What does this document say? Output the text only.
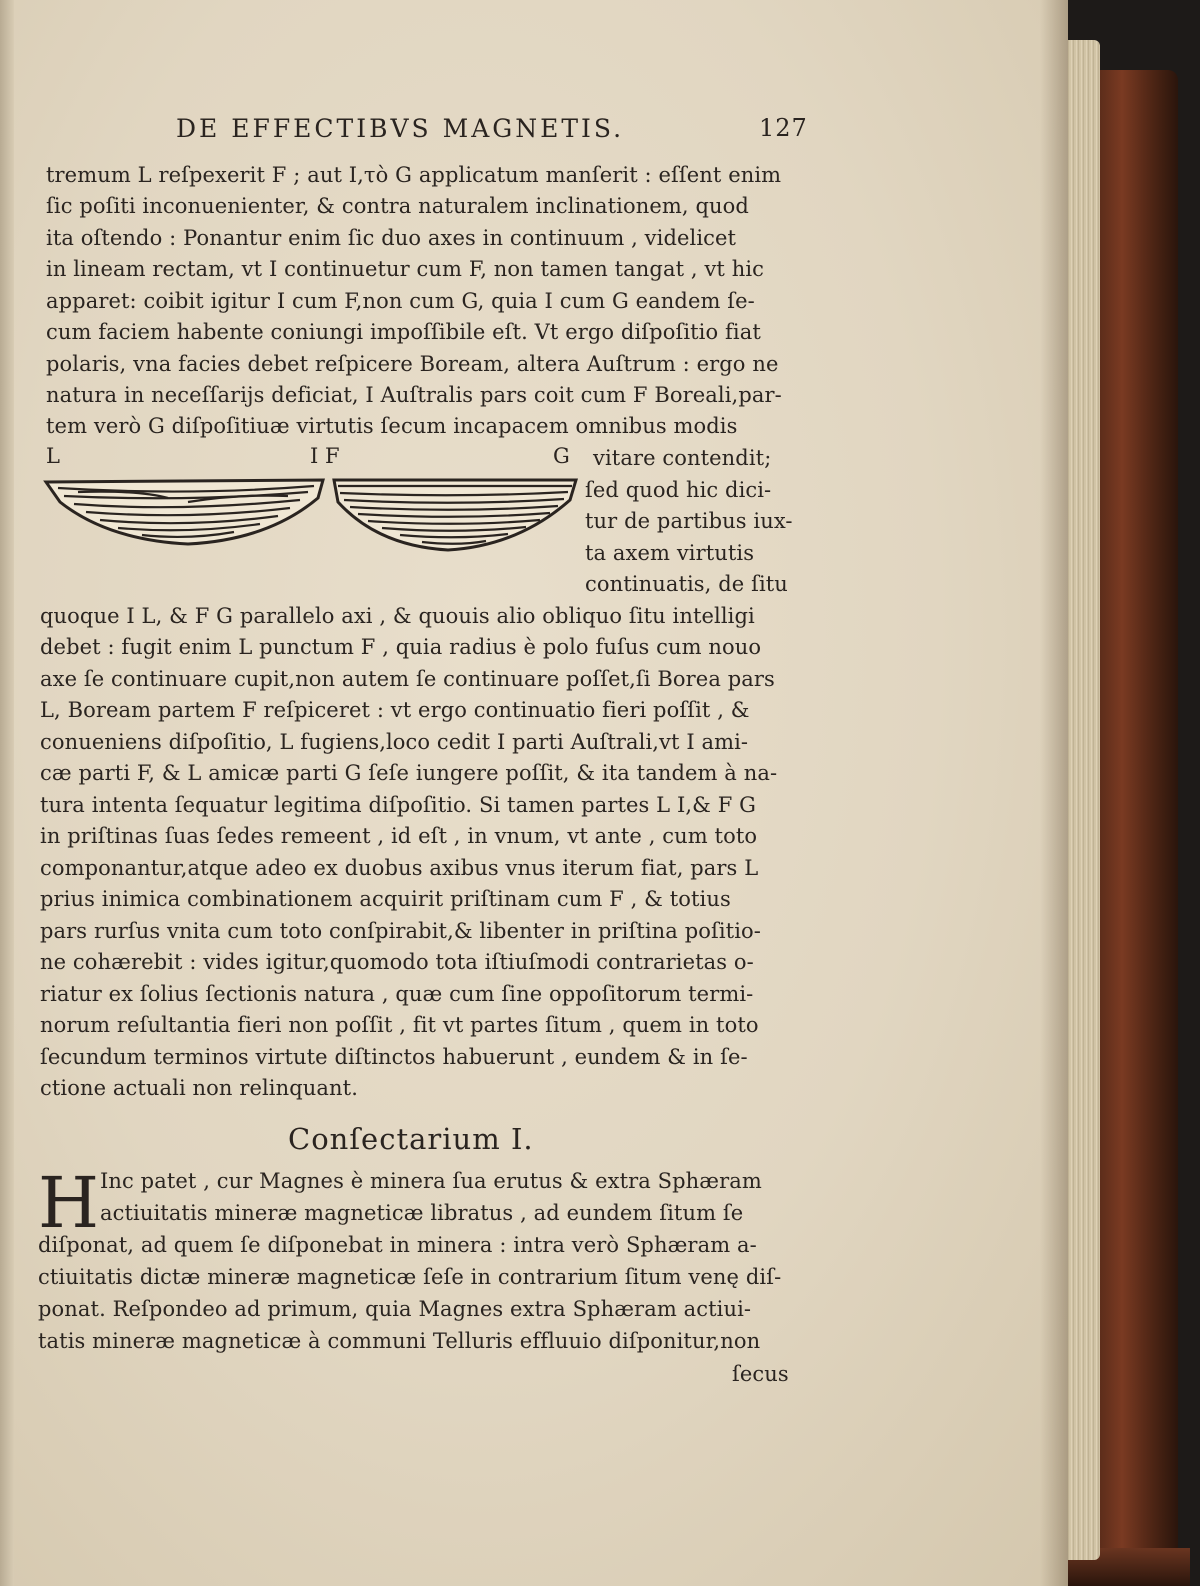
DE EFFECTIBVS MAGNETIS.	127
tremum L reſpexerit F ; aut I,τὸ G applicatum manſerit : eſſent enim
ſic poſiti inconuenienter, & contra naturalem inclinationem, quod
ita oſtendo : Ponantur enim ſic duo axes in continuum , videlicet
in lineam rectam, vt I continuetur cum F, non tamen tangat , vt hic
apparet: coibit igitur I cum F,non cum G, quia I cum G eandem ſe-
cum faciem habente coniungi impoſſibile eſt. Vt ergo diſpoſitio fiat
polaris, vna facies debet reſpicere Boream, altera Auſtrum : ergo ne
natura in neceſſarijs deficiat, I Auſtralis pars coit cum F Boreali,par-
tem verò G diſpoſitiuæ virtutis ſecum incapacem omnibus modis
L	I F	G vitare contendit;
ſed quod hic dici-
tur de partibus iux-
ta axem virtutis
continuatis, de ſitu
quoque I L, & F G parallelo axi , & quouis alio obliquo ſitu intelligi
debet : fugit enim L punctum F , quia radius è polo fuſus cum nouo
axe ſe continuare cupit,non autem ſe continuare poſſet,ſi Borea pars
L, Boream partem F reſpiceret : vt ergo continuatio fieri poſſit , &
conueniens diſpoſitio, L fugiens,loco cedit I parti Auſtrali,vt I ami-
cæ parti F, & L amicæ parti G ſeſe iungere poſſit, & ita tandem à na-
tura intenta ſequatur legitima diſpoſitio. Si tamen partes L I,& F G
in priſtinas ſuas ſedes remeent , id eſt , in vnum, vt ante , cum toto
componantur,atque adeo ex duobus axibus vnus iterum fiat, pars L
prius inimica combinationem acquirit priſtinam cum F , & totius
pars rurſus vnita cum toto conſpirabit,& libenter in priſtina poſitio-
ne cohærebit : vides igitur,quomodo tota iſtiuſmodi contrarietas o-
riatur ex ſolius ſectionis natura , quæ cum ſine oppoſitorum termi-
norum reſultantia fieri non poſſit , fit vt partes ſitum , quem in toto
ſecundum terminos virtute diſtinctos habuerunt , eundem & in ſe-
ctione actuali non relinquant.
Conſectarium I.
H Inc patet , cur Magnes è minera ſua erutus & extra Sphæram
actiuitatis mineræ magneticæ libratus , ad eundem ſitum ſe
diſponat, ad quem ſe diſponebat in minera : intra verò Sphæram a-
ctiuitatis dictæ mineræ magneticæ ſeſe in contrarium ſitum venę diſ-
ponat. Reſpondeo ad primum, quia Magnes extra Sphæram actiui-
tatis mineræ magneticæ à communi Telluris effluuio diſponitur,non
ſecus
